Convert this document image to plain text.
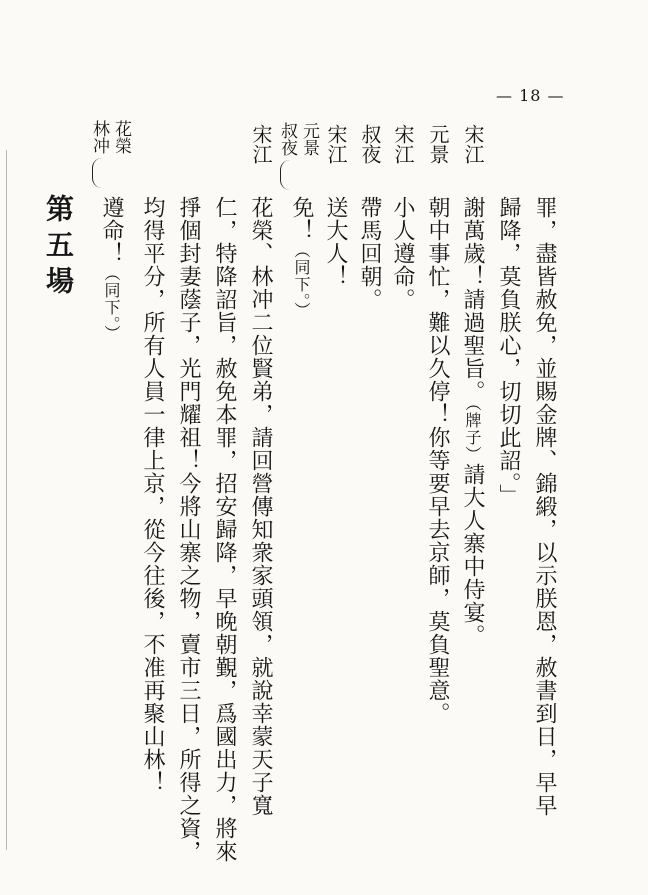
— 18 —
罪，盡皆赦免，並賜金牌、錦緞，以示朕恩，赦書到日，早早
歸降，莫負朕心，切切此詔。」
宋江
謝萬歲！請過聖旨。（牌子）請大人寨中侍宴。
元景
朝中事忙，難以久停！你等要早去京師，莫負聖意。
宋江
小人遵命。
叔夜
帶馬回朝。
宋江
送大人！
元景
叔夜
免！（同下。）
宋江
花榮、林冲二位賢弟，請回營傳知衆家頭領，就說幸蒙天子寬
仁，特降詔旨，赦免本罪，招安歸降，早晚朝覲，爲國出力，將來
掙個封妻蔭子，光門耀祖！今將山寨之物，賣市三日，所得之資，
均得平分，所有人員一律上京，從今往後，不准再聚山林！
花榮
林冲
遵命！（同下。）
第五場
